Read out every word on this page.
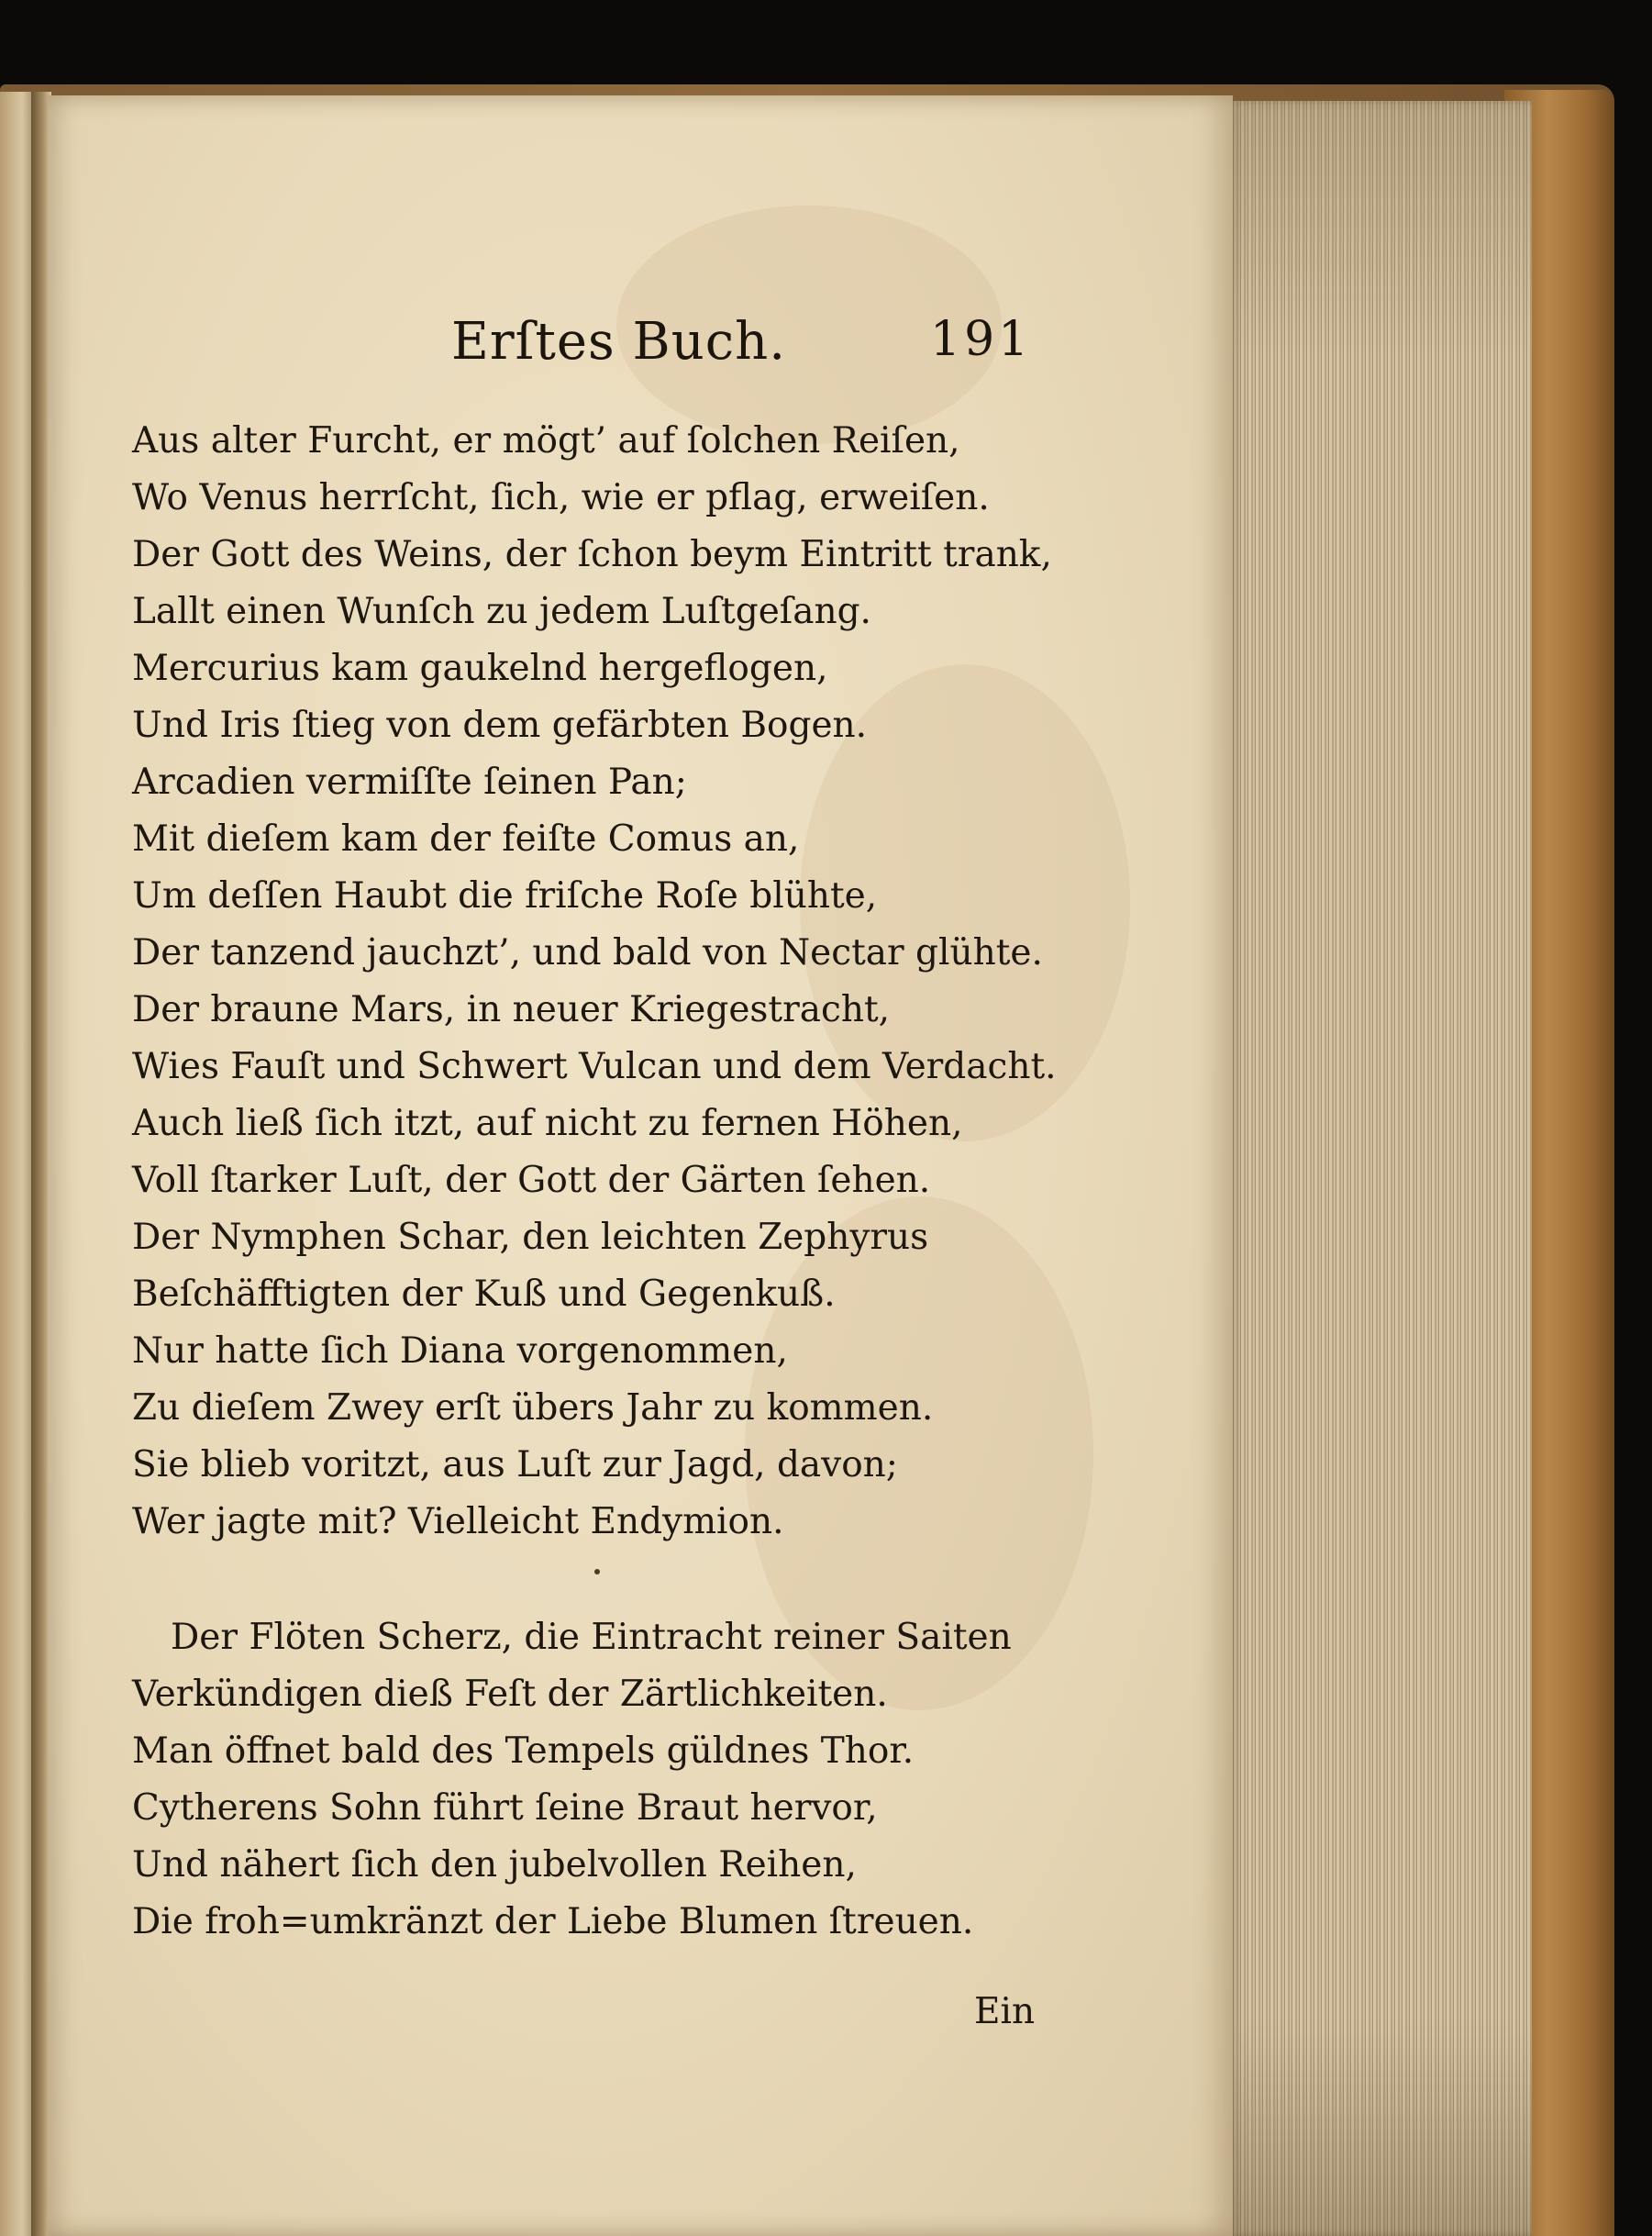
Erſtes Buch.	191
Aus alter Furcht, er mögt’ auf ſolchen Reiſen,
Wo Venus herrſcht, ſich, wie er pflag, erweiſen.
Der Gott des Weins, der ſchon beym Eintritt trank,
Lallt einen Wunſch zu jedem Luſtgeſang.
Mercurius kam gaukelnd hergeflogen,
Und Iris ſtieg von dem gefärbten Bogen.
Arcadien vermiſſte ſeinen Pan;
Mit dieſem kam der feiſte Comus an,
Um deſſen Haubt die friſche Roſe blühte,
Der tanzend jauchzt’, und bald von Nectar glühte.
Der braune Mars, in neuer Kriegestracht,
Wies Fauſt und Schwert Vulcan und dem Verdacht.
Auch ließ ſich itzt, auf nicht zu fernen Höhen,
Voll ſtarker Luſt, der Gott der Gärten ſehen.
Der Nymphen Schar, den leichten Zephyrus
Beſchäfftigten der Kuß und Gegenkuß.
Nur hatte ſich Diana vorgenommen,
Zu dieſem Zwey erſt übers Jahr zu kommen.
Sie blieb voritzt, aus Luſt zur Jagd, davon;
Wer jagte mit? Vielleicht Endymion.
Der Flöten Scherz, die Eintracht reiner Saiten
Verkündigen dieß Feſt der Zärtlichkeiten.
Man öffnet bald des Tempels güldnes Thor.
Cytherens Sohn führt ſeine Braut hervor,
Und nähert ſich den jubelvollen Reihen,
Die froh=umkränzt der Liebe Blumen ſtreuen.
Ein
